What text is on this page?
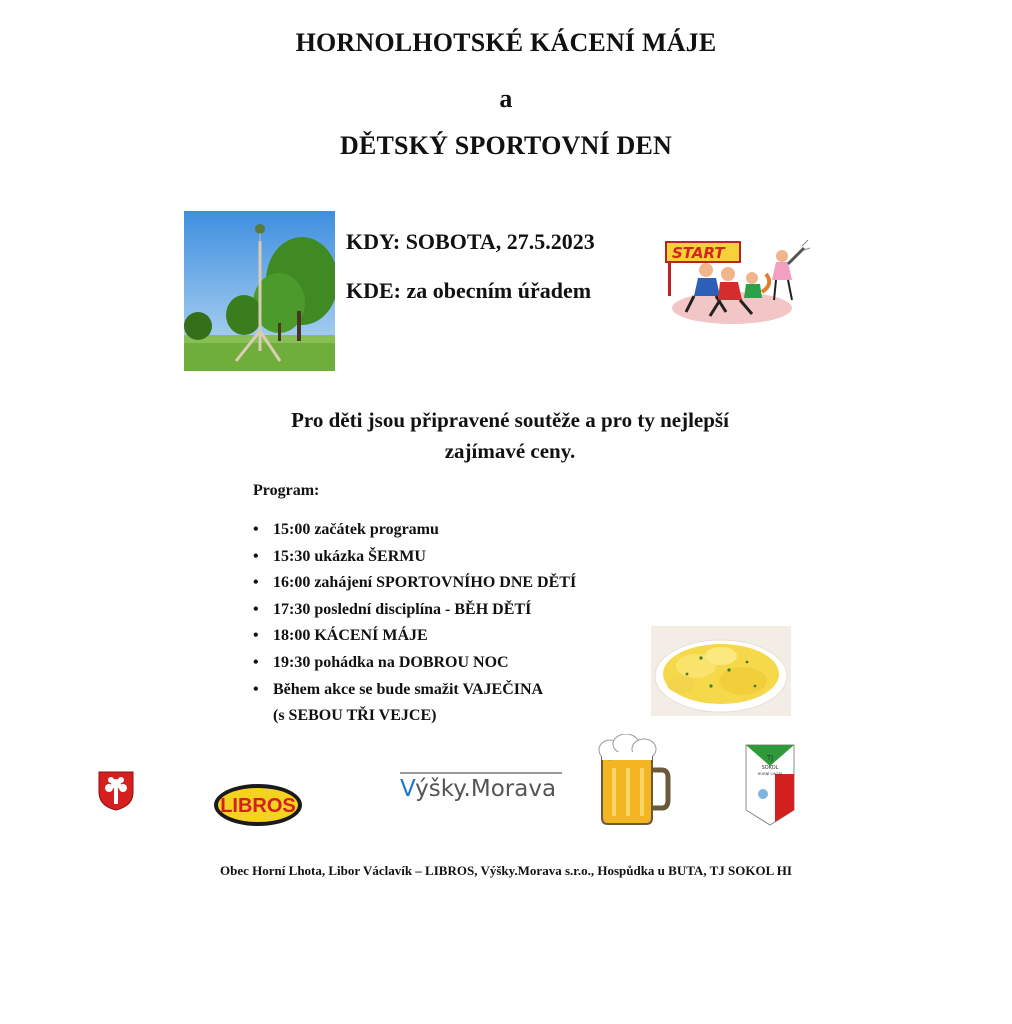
HORNOLHOTSKÉ KÁCENÍ MÁJE
a
DĚTSKÝ SPORTOVNÍ DEN
KDY: SOBOTA, 27.5.2023
KDE: za obecním úřadem
START
Pro děti jsou připravené soutěže a pro ty nejlepší zajímavé ceny.
Program:
• 15:00 začátek programu
• 15:30 ukázka ŠERMU
• 16:00 zahájení SPORTOVNÍHO DNE DĚTÍ
• 17:30 poslední disciplína - BĚH DĚTÍ
• 18:00 KÁCENÍ MÁJE
• 19:30 pohádka na DOBROU NOC
• Během akce se bude smažit VAJEČINA
(s SEBOU TŘI VEJCE)
LIBROS
Výšky.Morava
TJ
SOKOL
HORNÍ LHOTA
Obec Horní Lhota, Libor Václavík – LIBROS, Výšky.Morava s.r.o., Hospůdka u BUTA, TJ SOKOL HI
